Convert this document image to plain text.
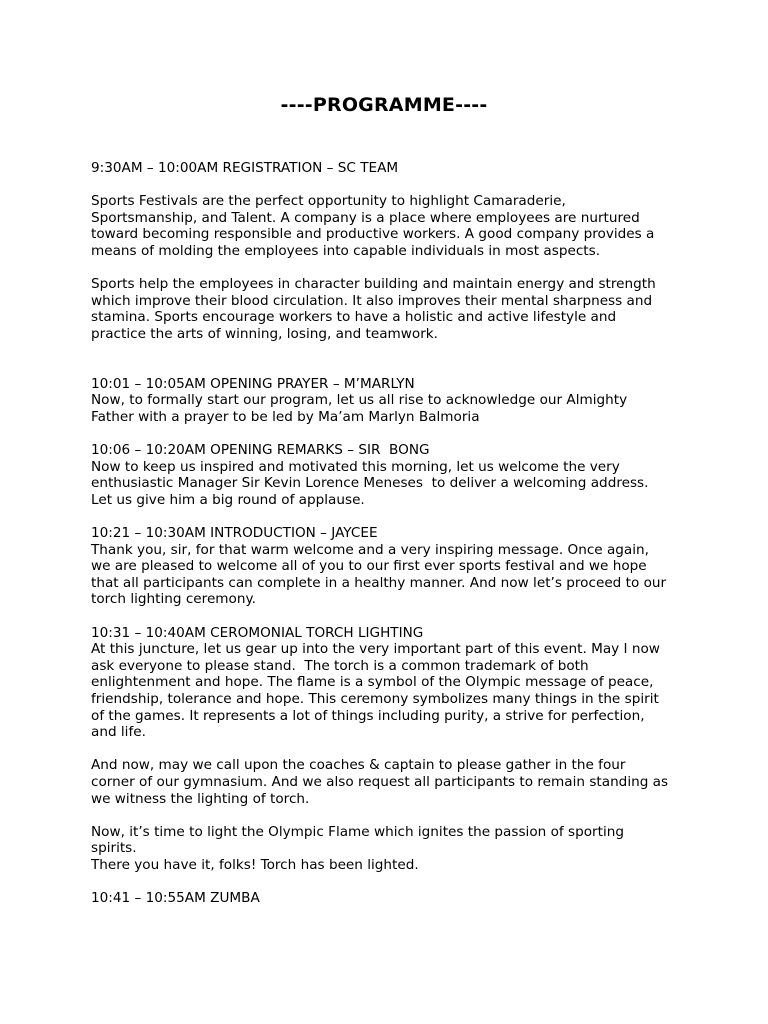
----PROGRAMME----
9:30AM – 10:00AM REGISTRATION – SC TEAM
Sports Festivals are the perfect opportunity to highlight Camaraderie,
Sportsmanship, and Talent. A company is a place where employees are nurtured
toward becoming responsible and productive workers. A good company provides a
means of molding the employees into capable individuals in most aspects.
Sports help the employees in character building and maintain energy and strength
which improve their blood circulation. It also improves their mental sharpness and
stamina. Sports encourage workers to have a holistic and active lifestyle and
practice the arts of winning, losing, and teamwork.
10:01 – 10:05AM OPENING PRAYER – M’MARLYN
Now, to formally start our program, let us all rise to acknowledge our Almighty
Father with a prayer to be led by Ma’am Marlyn Balmoria
10:06 – 10:20AM OPENING REMARKS – SIR  BONG
Now to keep us inspired and motivated this morning, let us welcome the very
enthusiastic Manager Sir Kevin Lorence Meneses  to deliver a welcoming address.
Let us give him a big round of applause.
10:21 – 10:30AM INTRODUCTION – JAYCEE
Thank you, sir, for that warm welcome and a very inspiring message. Once again,
we are pleased to welcome all of you to our first ever sports festival and we hope
that all participants can complete in a healthy manner. And now let’s proceed to our
torch lighting ceremony.
10:31 – 10:40AM CEROMONIAL TORCH LIGHTING
At this juncture, let us gear up into the very important part of this event. May I now
ask everyone to please stand.  The torch is a common trademark of both
enlightenment and hope. The flame is a symbol of the Olympic message of peace,
friendship, tolerance and hope. This ceremony symbolizes many things in the spirit
of the games. It represents a lot of things including purity, a strive for perfection,
and life.
And now, may we call upon the coaches & captain to please gather in the four
corner of our gymnasium. And we also request all participants to remain standing as
we witness the lighting of torch.
Now, it’s time to light the Olympic Flame which ignites the passion of sporting
spirits.
There you have it, folks! Torch has been lighted.
10:41 – 10:55AM ZUMBA
